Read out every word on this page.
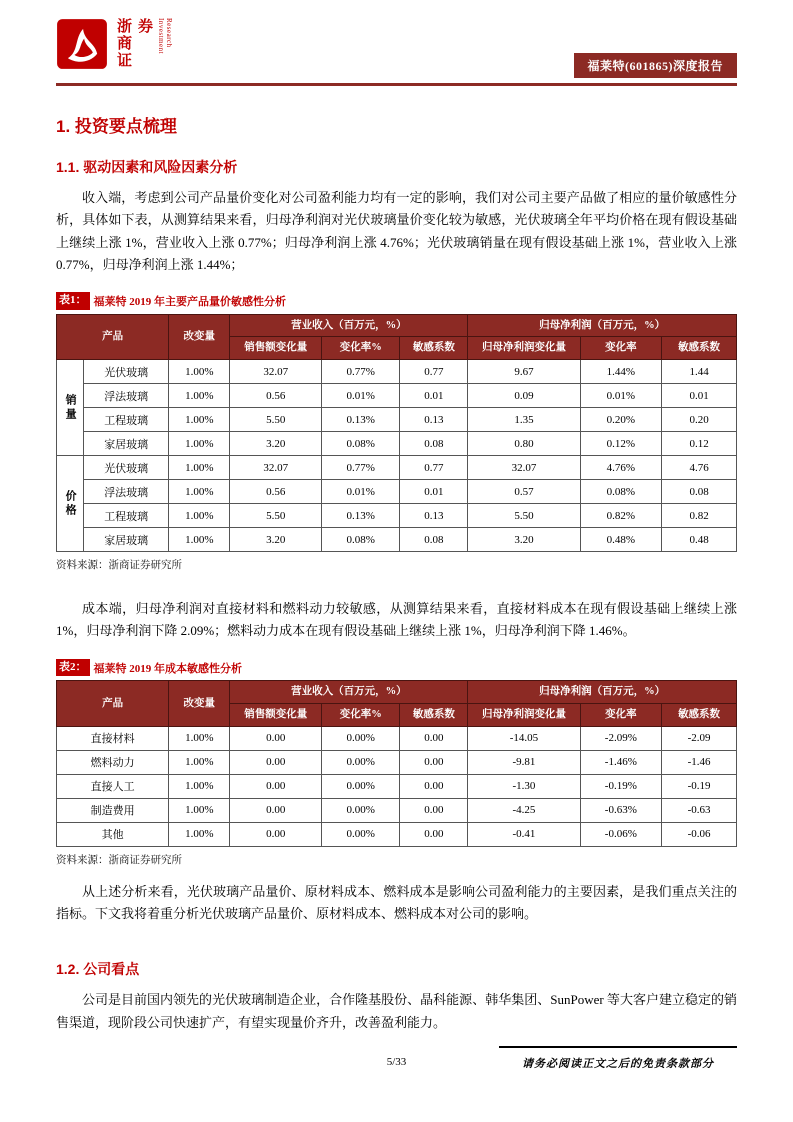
浙商证券 Investment Research
福莱特(601865)深度报告
1. 投资要点梳理
1.1. 驱动因素和风险因素分析

收入端，考虑到公司产品量价变化对公司盈利能力均有一定的影响，我们对公司主要产品做了相应的量价敏感性分析，具体如下表，从测算结果来看，归母净利润对光伏玻璃量价变化较为敏感，光伏玻璃全年平均价格在现有假设基础上继续上涨 1%，营业收入上涨 0.77%；归母净利润上涨 4.76%；光伏玻璃销量在现有假设基础上涨 1%，营业收入上涨 0.77%，归母净利润上涨 1.44%；

表1： 福莱特 2019 年主要产品量价敏感性分析
产品		改变量	营业收入（百万元，%）			归母净利润（百万元，%）		
			销售额变化量	变化率%	敏感系数	归母净利润变化量	变化率	敏感系数
销量	光伏玻璃	1.00%	32.07	0.77%	0.77	9.67	1.44%	1.44
	浮法玻璃	1.00%	0.56	0.01%	0.01	0.09	0.01%	0.01
	工程玻璃	1.00%	5.50	0.13%	0.13	1.35	0.20%	0.20
	家居玻璃	1.00%	3.20	0.08%	0.08	0.80	0.12%	0.12
价格	光伏玻璃	1.00%	32.07	0.77%	0.77	32.07	4.76%	4.76
	浮法玻璃	1.00%	0.56	0.01%	0.01	0.57	0.08%	0.08
	工程玻璃	1.00%	5.50	0.13%	0.13	5.50	0.82%	0.82
	家居玻璃	1.00%	3.20	0.08%	0.08	3.20	0.48%	0.48
资料来源：浙商证券研究所

成本端，归母净利润对直接材料和燃料动力较敏感，从测算结果来看，直接材料成本在现有假设基础上继续上涨 1%，归母净利润下降 2.09%；燃料动力成本在现有假设基础上继续上涨 1%，归母净利润下降 1.46%。

表2： 福莱特 2019 年成本敏感性分析
产品	改变量	营业收入（百万元，%）			归母净利润（百万元，%）		
		销售额变化量	变化率%	敏感系数	归母净利润变化量	变化率	敏感系数
直接材料	1.00%	0.00	0.00%	0.00	-14.05	-2.09%	-2.09
燃料动力	1.00%	0.00	0.00%	0.00	-9.81	-1.46%	-1.46
直接人工	1.00%	0.00	0.00%	0.00	-1.30	-0.19%	-0.19
制造费用	1.00%	0.00	0.00%	0.00	-4.25	-0.63%	-0.63
其他	1.00%	0.00	0.00%	0.00	-0.41	-0.06%	-0.06
资料来源：浙商证券研究所

从上述分析来看，光伏玻璃产品量价、原材料成本、燃料成本是影响公司盈利能力的主要因素，是我们重点关注的指标。下文我将着重分析光伏玻璃产品量价、原材料成本、燃料成本对公司的影响。

1.2. 公司看点

公司是目前国内领先的光伏玻璃制造企业，合作隆基股份、晶科能源、韩华集团、SunPower 等大客户建立稳定的销售渠道，现阶段公司快速扩产，有望实现量价齐升，改善盈利能力。

5/33	请务必阅读正文之后的免责条款部分
